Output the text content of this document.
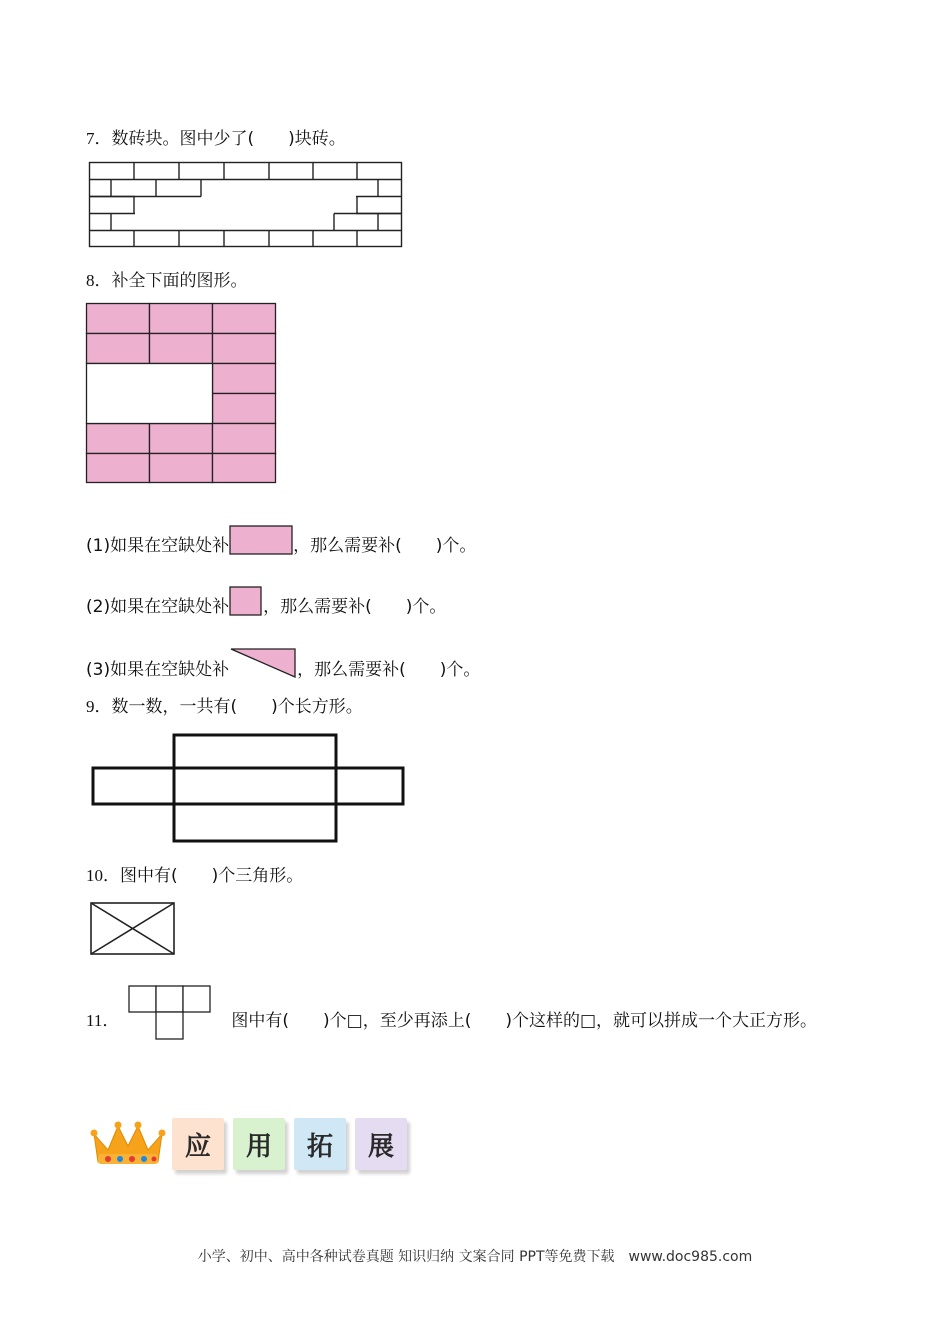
7．数砖块。图中少了(　　)块砖。
8．补全下面的图形。
(1)如果在空缺处补	，那么需要补(　　)个。
(2)如果在空缺处补 ，那么需要补(　　)个。
(3)如果在空缺处补	，那么需要补(　　)个。
9．数一数，一共有(　　)个长方形。
10．图中有(　　)个三角形。
11．	图中有(　　)个□，至少再添上(　　)个这样的□，就可以拼成一个大正方形。
应 用 拓 展
小学、初中、高中各种试卷真题 知识归纳 文案合同 PPT等免费下载　www.doc985.com
